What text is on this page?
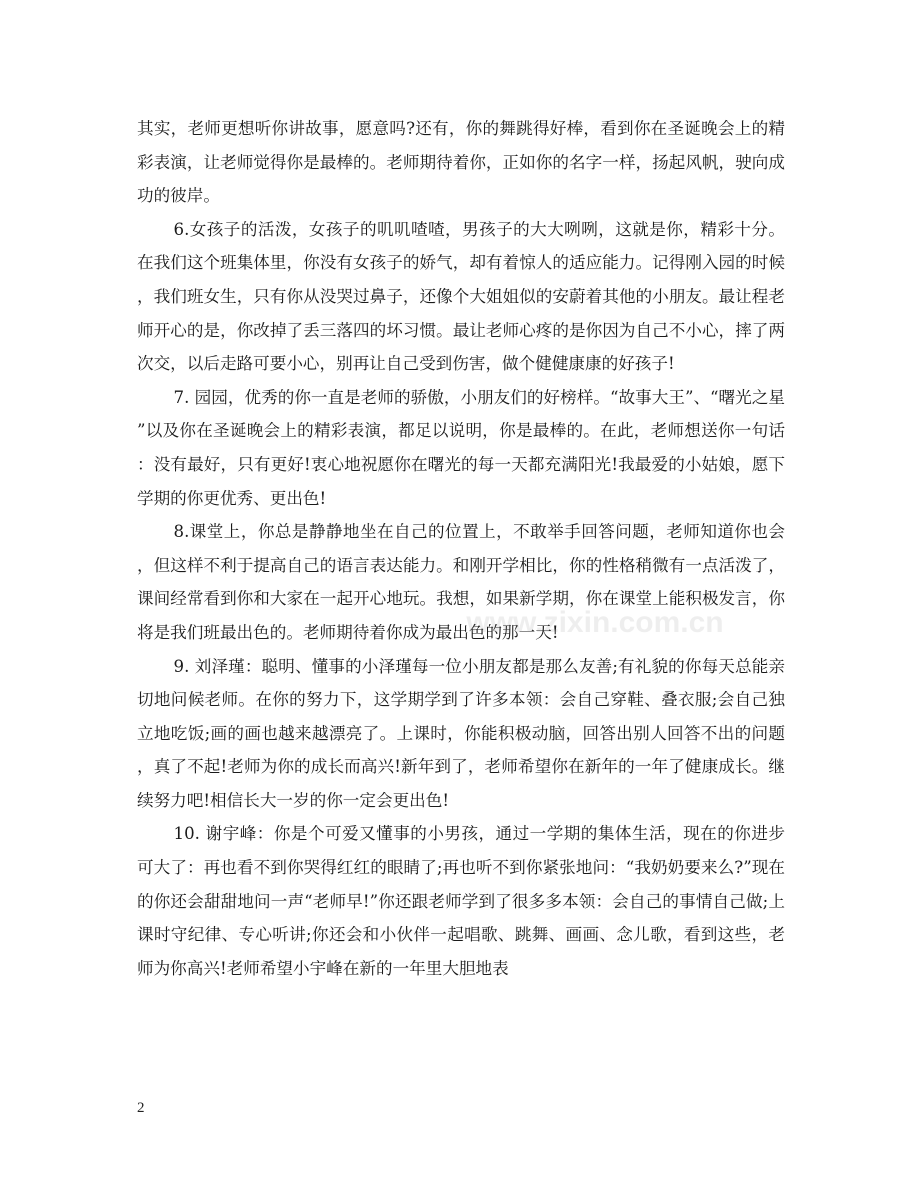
其实，老师更想听你讲故事，愿意吗?还有，你的舞跳得好棒，看到你在圣诞晚会上的精彩表演，让老师觉得你是最棒的。老师期待着你，正如你的名字一样，扬起风帆，驶向成功的彼岸。

6.女孩子的活泼，女孩子的叽叽喳喳，男孩子的大大咧咧，这就是你，精彩十分。在我们这个班集体里，你没有女孩子的娇气，却有着惊人的适应能力。记得刚入园的时候，我们班女生，只有你从没哭过鼻子，还像个大姐姐似的安蔚着其他的小朋友。最让程老师开心的是，你改掉了丢三落四的坏习惯。最让老师心疼的是你因为自己不小心，摔了两次交，以后走路可要小心，别再让自己受到伤害，做个健健康康的好孩子!

7. 园园，优秀的你一直是老师的骄傲，小朋友们的好榜样。“故事大王”、“曙光之星”以及你在圣诞晚会上的精彩表演，都足以说明，你是最棒的。在此，老师想送你一句话：没有最好，只有更好!衷心地祝愿你在曙光的每一天都充满阳光!我最爱的小姑娘，愿下学期的你更优秀、更出色!

8.课堂上，你总是静静地坐在自己的位置上，不敢举手回答问题，老师知道你也会，但这样不利于提高自己的语言表达能力。和刚开学相比，你的性格稍微有一点活泼了，课间经常看到你和大家在一起开心地玩。我想，如果新学期，你在课堂上能积极发言，你将是我们班最出色的。老师期待着你成为最出色的那一天!

9. 刘泽瑾：聪明、懂事的小泽瑾每一位小朋友都是那么友善;有礼貌的你每天总能亲切地问候老师。在你的努力下，这学期学到了许多本领：会自己穿鞋、叠衣服;会自己独立地吃饭;画的画也越来越漂亮了。上课时，你能积极动脑，回答出别人回答不出的问题，真了不起!老师为你的成长而高兴!新年到了，老师希望你在新年的一年了健康成长。继续努力吧!相信长大一岁的你一定会更出色!

10. 谢宇峰：你是个可爱又懂事的小男孩，通过一学期的集体生活，现在的你进步可大了：再也看不到你哭得红红的眼睛了;再也听不到你紧张地问：“我奶奶要来么?”现在的你还会甜甜地问一声“老师早!”你还跟老师学到了很多多本领：会自己的事情自己做;上课时守纪律、专心听讲;你还会和小伙伴一起唱歌、跳舞、画画、念儿歌，看到这些，老师为你高兴!老师希望小宇峰在新的一年里大胆地表

www.zixin.com.cn
2
